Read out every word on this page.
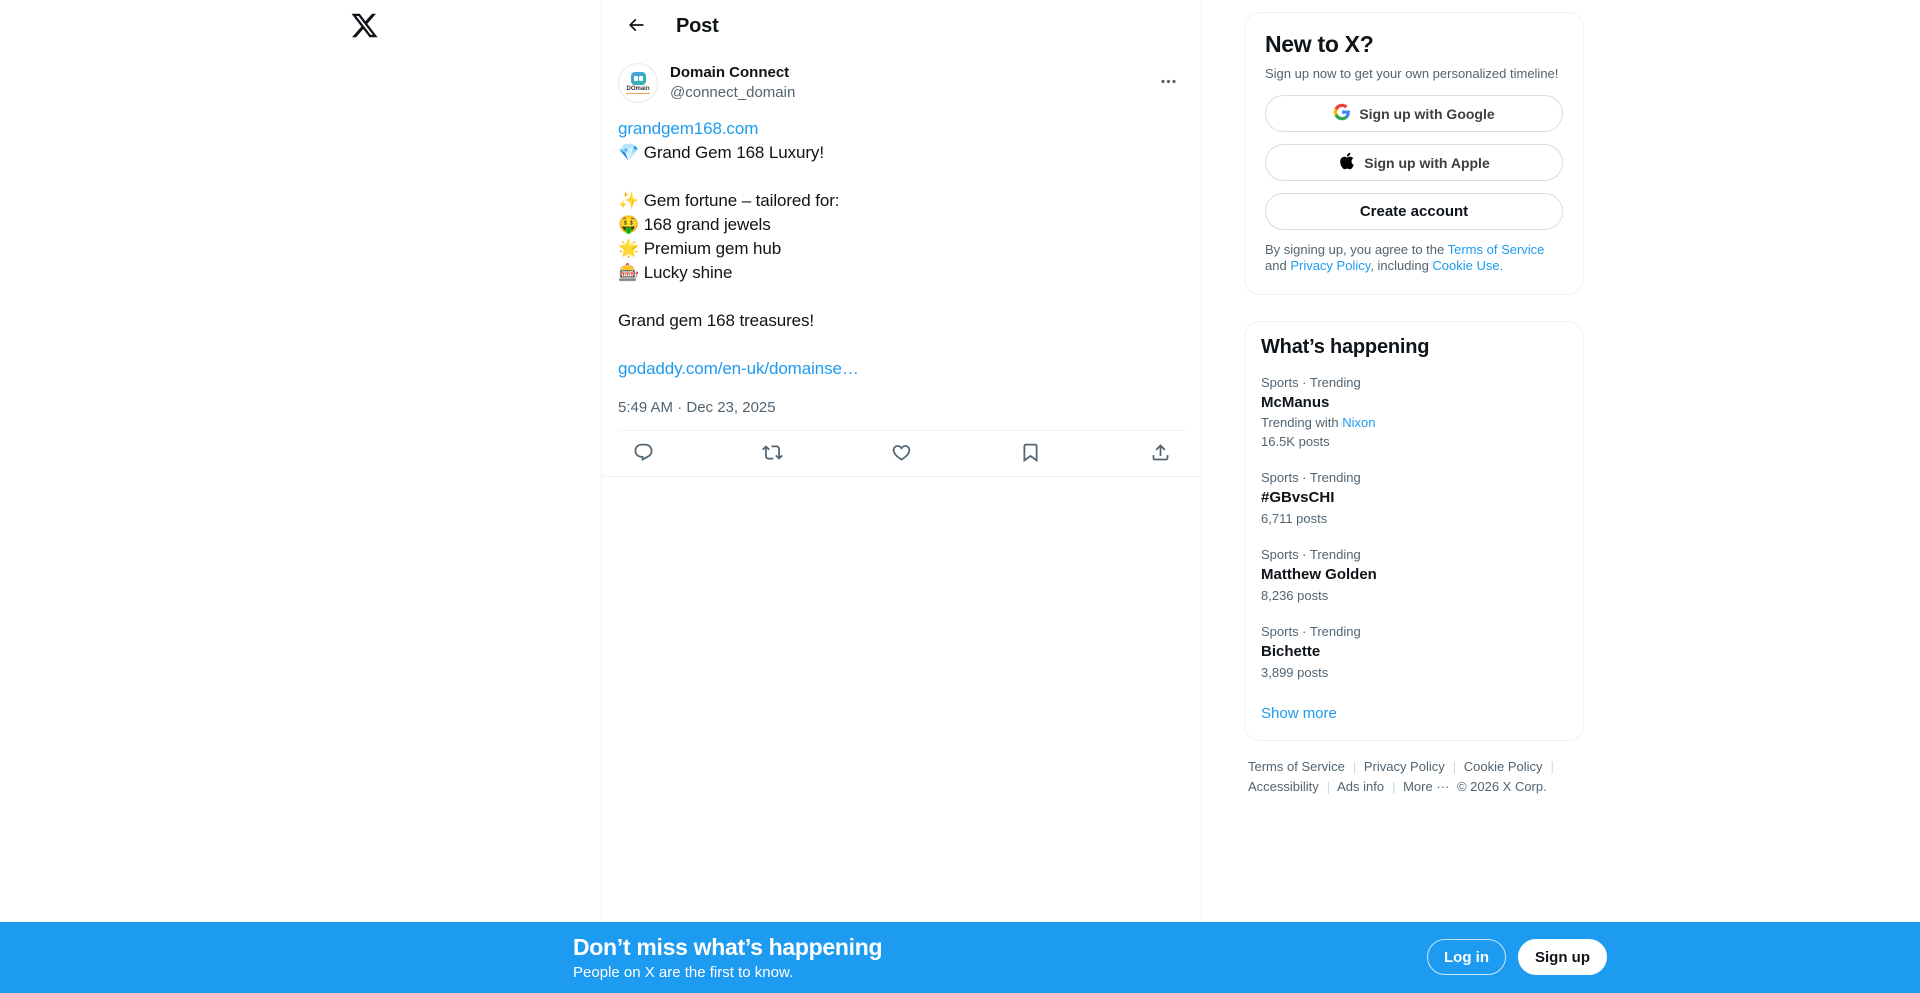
Post
DOmain
Domain Connect
@connect_domain
grandgem168.com
💎 Grand Gem 168 Luxury!
✨ Gem fortune – tailored for:
🤑 168 grand jewels
🌟 Premium gem hub
🎰 Lucky shine
Grand gem 168 treasures!
godaddy.com/en-uk/domainse…
5:49 AM · Dec 23, 2025
New to X?

Sign up now to get your own personalized timeline!

Sign up with Google
Sign up with Apple
Create account

By signing up, you agree to the Terms of Service and Privacy Policy, including Cookie Use.

What’s happening
Sports · Trending
McManus
Trending with Nixon
16.5K posts
Sports · Trending
#GBvsCHI
6,711 posts
Sports · Trending
Matthew Golden
8,236 posts
Sports · Trending
Bichette
3,899 posts
Show more
Terms of Service | Privacy Policy | Cookie Policy | Accessibility | Ads info | More ··· © 2026 X Corp.
Don’t miss what’s happening
People on X are the first to know.
Log in	Sign up
